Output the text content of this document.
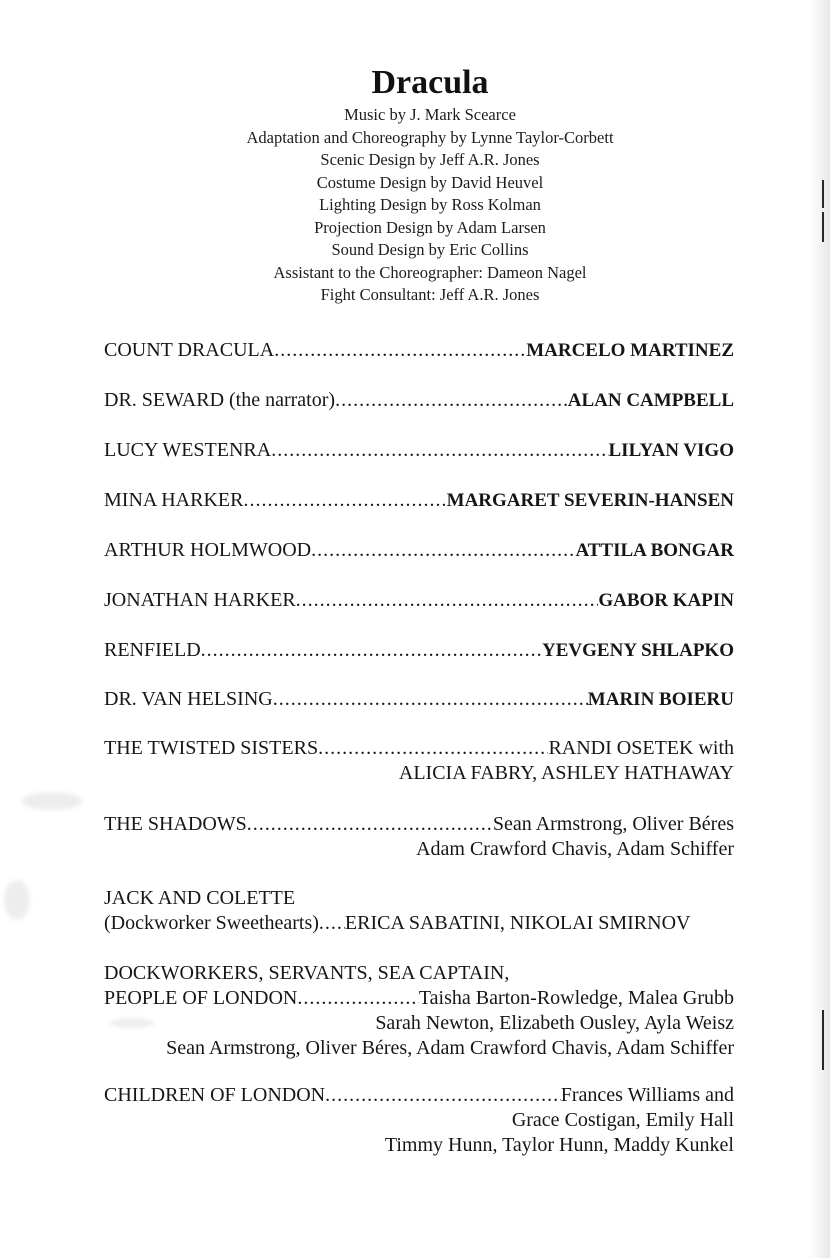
Dracula
Music by J. Mark Scearce
Adaptation and Choreography by Lynne Taylor-Corbett
Scenic Design by Jeff A.R. Jones
Costume Design by David Heuvel
Lighting Design by Ross Kolman
Projection Design by Adam Larsen
Sound Design by Eric Collins
Assistant to the Choreographer: Dameon Nagel
Fight Consultant: Jeff A.R. Jones
COUNT DRACULA .....	MARCELO MARTINEZ
DR. SEWARD (the narrator) .....	ALAN CAMPBELL
LUCY WESTENRA .....	LILYAN VIGO
MINA HARKER .....	MARGARET SEVERIN-HANSEN
ARTHUR HOLMWOOD .....	ATTILA BONGAR
JONATHAN HARKER .....	GABOR KAPIN
RENFIELD .....	YEVGENY SHLAPKO
DR. VAN HELSING .....	MARIN BOIERU
THE TWISTED SISTERS .....	RANDI OSETEK with
ALICIA FABRY, ASHLEY HATHAWAY
THE SHADOWS .....	Sean Armstrong, Oliver Béres
Adam Crawford Chavis, Adam Schiffer
JACK AND COLETTE
(Dockworker Sweethearts) ..... ERICA SABATINI, NIKOLAI SMIRNOV
DOCKWORKERS, SERVANTS, SEA CAPTAIN,
PEOPLE OF LONDON .....	Taisha Barton-Rowledge, Malea Grubb
Sarah Newton, Elizabeth Ousley, Ayla Weisz
Sean Armstrong, Oliver Béres, Adam Crawford Chavis, Adam Schiffer
CHILDREN OF LONDON .....	Frances Williams and
Grace Costigan, Emily Hall
Timmy Hunn, Taylor Hunn, Maddy Kunkel
